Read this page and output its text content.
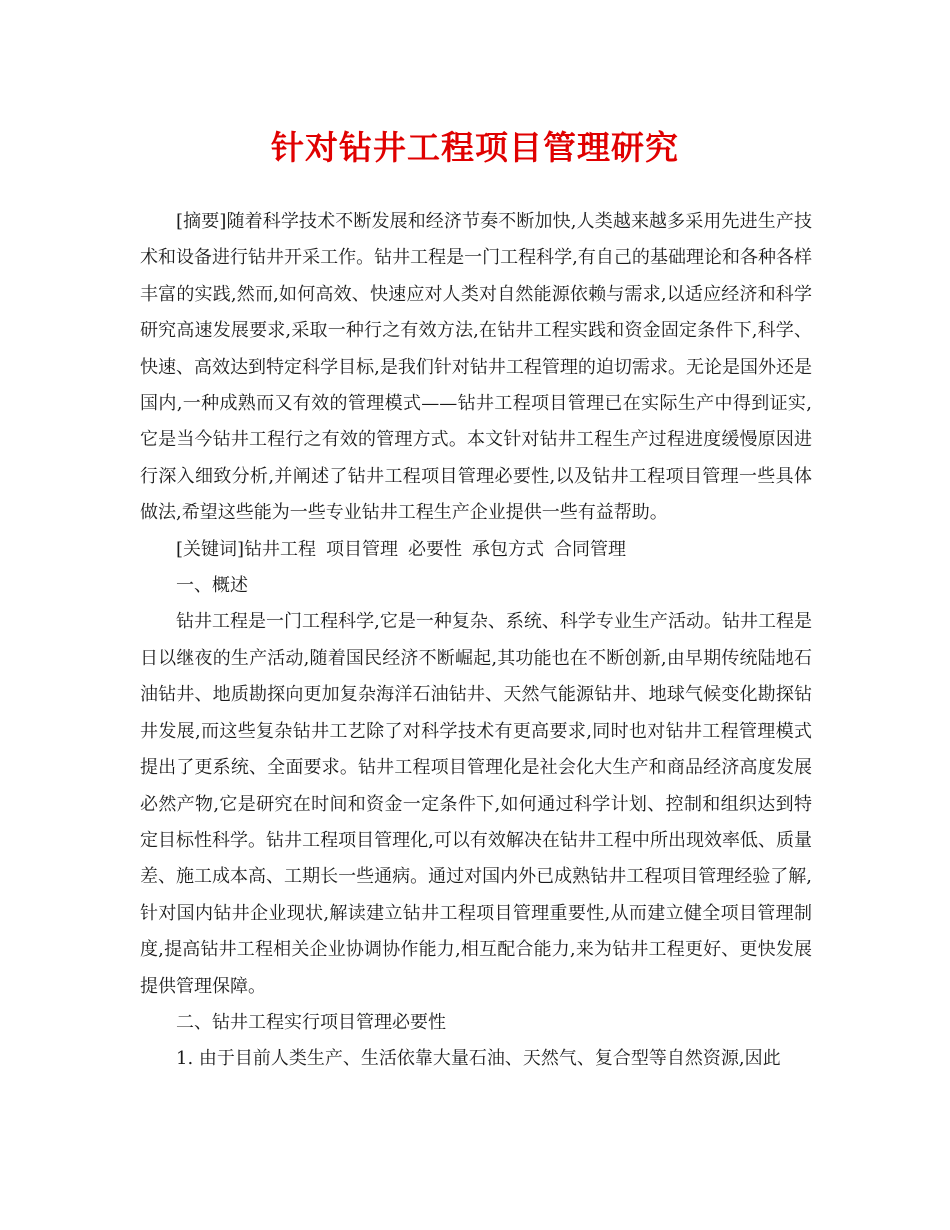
针对钻井工程项目管理研究

[摘要]随着科学技术不断发展和经济节奏不断加快,人类越来越多采用先进生产技术和设备进行钻井开采工作。钻井工程是一门工程科学,有自己的基础理论和各种各样丰富的实践,然而,如何高效、快速应对人类对自然能源依赖与需求,以适应经济和科学研究高速发展要求,采取一种行之有效方法,在钻井工程实践和资金固定条件下,科学、快速、高效达到特定科学目标,是我们针对钻井工程管理的迫切需求。无论是国外还是国内,一种成熟而又有效的管理模式——钻井工程项目管理已在实际生产中得到证实,它是当今钻井工程行之有效的管理方式。本文针对钻井工程生产过程进度缓慢原因进行深入细致分析,并阐述了钻井工程项目管理必要性,以及钻井工程项目管理一些具体做法,希望这些能为一些专业钻井工程生产企业提供一些有益帮助。

[关键词]钻井工程 项目管理 必要性 承包方式 合同管理

一、概述

钻井工程是一门工程科学,它是一种复杂、系统、科学专业生产活动。钻井工程是日以继夜的生产活动,随着国民经济不断崛起,其功能也在不断创新,由早期传统陆地石油钻井、地质勘探向更加复杂海洋石油钻井、天然气能源钻井、地球气候变化勘探钻井发展,而这些复杂钻井工艺除了对科学技术有更高要求,同时也对钻井工程管理模式提出了更系统、全面要求。钻井工程项目管理化是社会化大生产和商品经济高度发展必然产物,它是研究在时间和资金一定条件下,如何通过科学计划、控制和组织达到特定目标性科学。钻井工程项目管理化,可以有效解决在钻井工程中所出现效率低、质量差、施工成本高、工期长一些通病。通过对国内外已成熟钻井工程项目管理经验了解,针对国内钻井企业现状,解读建立钻井工程项目管理重要性,从而建立健全项目管理制度,提高钻井工程相关企业协调协作能力,相互配合能力,来为钻井工程更好、更快发展提供管理保障。

二、钻井工程实行项目管理必要性

1. 由于目前人类生产、生活依靠大量石油、天然气、复合型等自然资源,因此
